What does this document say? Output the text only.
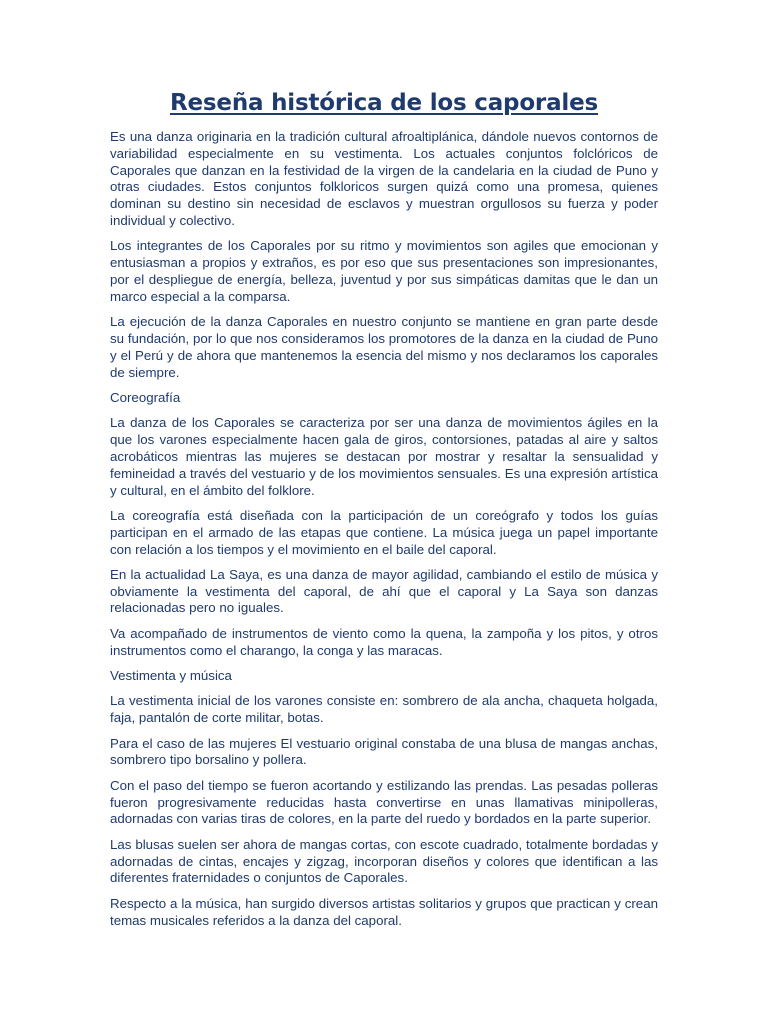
Reseña histórica de los caporales

Es una danza originaria en la tradición cultural afroaltiplánica, dándole nuevos contornos de variabilidad especialmente en su vestimenta. Los actuales conjuntos folclóricos de Caporales que danzan en la festividad de la virgen de la candelaria en la ciudad de Puno y otras ciudades. Estos conjuntos folkloricos surgen quizá como una promesa, quienes dominan su destino sin necesidad de esclavos y muestran orgullosos su fuerza y poder individual y colectivo.

Los integrantes de los Caporales por su ritmo y movimientos son agiles que emocionan y entusiasman a propios y extraños, es por eso que sus presentaciones son impresionantes, por el despliegue de energía, belleza, juventud y por sus simpáticas damitas que le dan un marco especial a la comparsa.

La ejecución de la danza Caporales en nuestro conjunto se mantiene en gran parte desde su fundación, por lo que nos consideramos los promotores de la danza en la ciudad de Puno y el Perú y de ahora que mantenemos la esencia del mismo y nos declaramos los caporales de siempre.

Coreografía

La danza de los Caporales se caracteriza por ser una danza de movimientos ágiles en la que los varones especialmente hacen gala de giros, contorsiones, patadas al aire y saltos acrobáticos mientras las mujeres se destacan por mostrar y resaltar la sensualidad y femineidad a través del vestuario y de los movimientos sensuales. Es una expresión artística y cultural, en el ámbito del folklore.

La coreografía está diseñada con la participación de un coreógrafo y todos los guías participan en el armado de las etapas que contiene. La música juega un papel importante con relación a los tiempos y el movimiento en el baile del caporal.

En la actualidad La Saya, es una danza de mayor agilidad, cambiando el estilo de música y obviamente la vestimenta del caporal, de ahí que el caporal y La Saya son danzas relacionadas pero no iguales.

Va acompañado de instrumentos de viento como la quena, la zampoña y los pitos, y otros instrumentos como el charango, la conga y las maracas.

Vestimenta y música

La vestimenta inicial de los varones consiste en: sombrero de ala ancha, chaqueta holgada, faja, pantalón de corte militar, botas.

Para el caso de las mujeres El vestuario original constaba de una blusa de mangas anchas, sombrero tipo borsalino y pollera.

Con el paso del tiempo se fueron acortando y estilizando las prendas. Las pesadas polleras fueron progresivamente reducidas hasta convertirse en unas llamativas minipolleras, adornadas con varias tiras de colores, en la parte del ruedo y bordados en la parte superior.

Las blusas suelen ser ahora de mangas cortas, con escote cuadrado, totalmente bordadas y adornadas de cintas, encajes y zigzag, incorporan diseños y colores que identifican a las diferentes fraternidades o conjuntos de Caporales.

Respecto a la música, han surgido diversos artistas solitarios y grupos que practican y crean temas musicales referidos a la danza del caporal.
